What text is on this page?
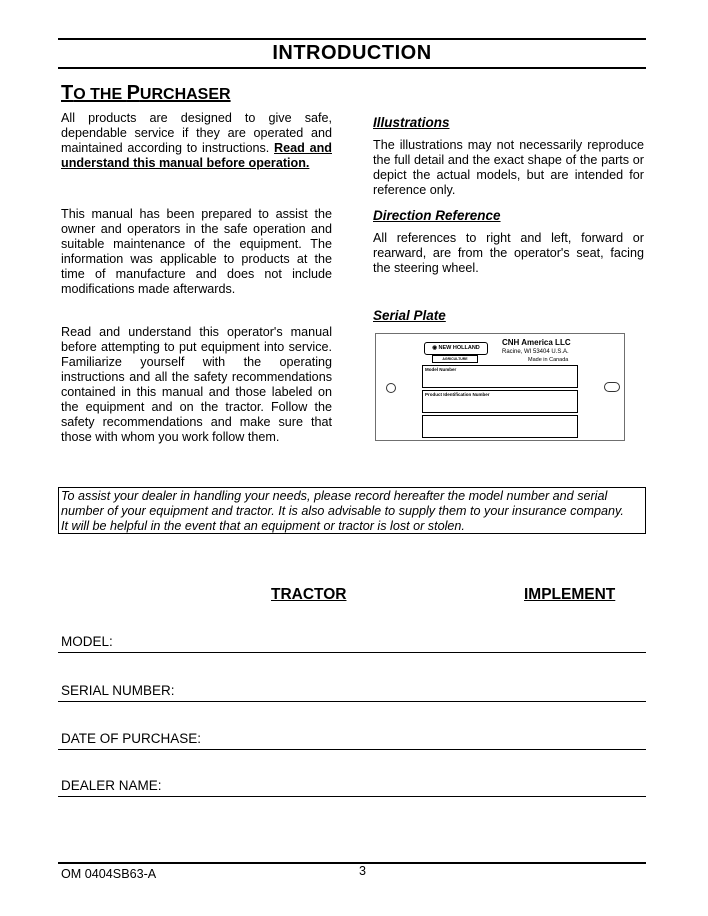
INTRODUCTION
TO THE PURCHASER
All products are designed to give safe, dependable service if they are operated and maintained according to instructions. Read and understand this manual before operation.
This manual has been prepared to assist the owner and operators in the safe operation and suitable maintenance of the equipment. The information was applicable to products at the time of manufacture and does not include modifications made afterwards.
Read and understand this operator's manual before attempting to put equipment into service. Familiarize yourself with the operating instructions and all the safety recommendations contained in this manual and those labeled on the equipment and on the tractor. Follow the safety recommendations and make sure that those with whom you work follow them.
Illustrations
The illustrations may not necessarily reproduce the full detail and the exact shape of the parts or depict the actual models, but are intended for reference only.
Direction Reference
All references to right and left, forward or rearward, are from the operator's seat, facing the steering wheel.
Serial Plate
◉ NEW HOLLAND
AGRICULTURE
CNH America LLC
Racine, WI 53404 U.S.A.
Made in Canada
Model Number
Product Identification Number
To assist your dealer in handling your needs, please record hereafter the model number and serial
number of your equipment and tractor. It is also advisable to supply them to your insurance company.
It will be helpful in the event that an equipment or tractor is lost or stolen.
TRACTOR	IMPLEMENT
MODEL:
SERIAL NUMBER:
DATE OF PURCHASE:
DEALER NAME:
OM 0404SB63-A	3
